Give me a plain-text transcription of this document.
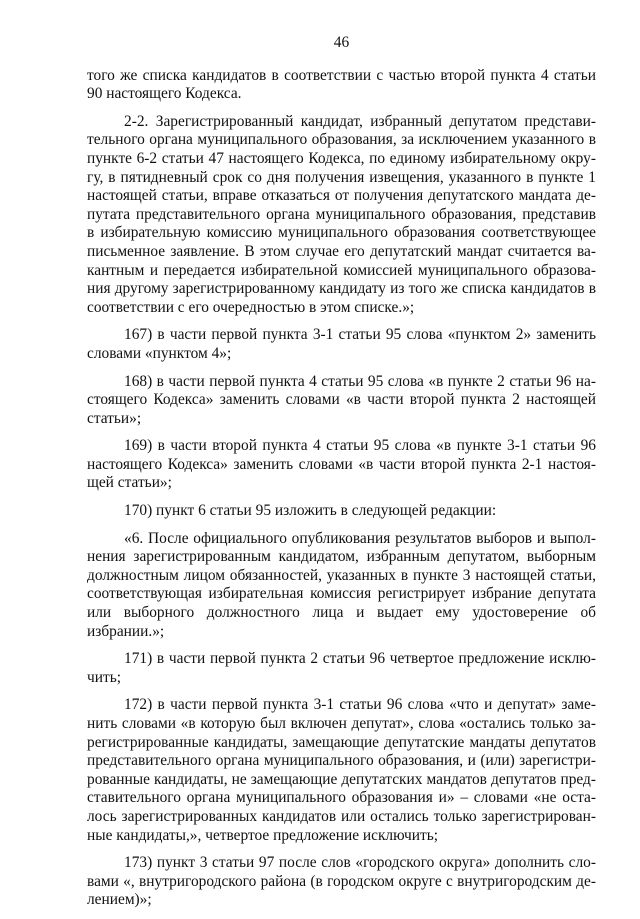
46

того же списка кандидатов в соответствии с частью второй пункта 4 статьи 90 настоящего Кодекса.

2-2. Зарегистрированный кандидат, избранный депутатом представительного органа муниципального образования, за исключением указанного в пункте 6-2 статьи 47 настоящего Кодекса, по единому избирательному округу, в пятидневный срок со дня получения извещения, указанного в пункте 1 настоящей статьи, вправе отказаться от получения депутатского мандата депутата представительного органа муниципального образования, представив в избирательную комиссию муниципального образования соответствующее письменное заявление. В этом случае его депутатский мандат считается вакантным и передается избирательной комиссией муниципального образования другому зарегистрированному кандидату из того же списка кандидатов в соответствии с его очередностью в этом списке.»;

167) в части первой пункта 3-1 статьи 95 слова «пунктом 2» заменить словами «пунктом 4»;

168) в части первой пункта 4 статьи 95 слова «в пункте 2 статьи 96 настоящего Кодекса» заменить словами «в части второй пункта 2 настоящей статьи»;

169) в части второй пункта 4 статьи 95 слова «в пункте 3-1 статьи 96 настоящего Кодекса» заменить словами «в части второй пункта 2-1 настоящей статьи»;

170) пункт 6 статьи 95 изложить в следующей редакции:

«6. После официального опубликования результатов выборов и выполнения зарегистрированным кандидатом, избранным депутатом, выборным должностным лицом обязанностей, указанных в пункте 3 настоящей статьи, соответствующая избирательная комиссия регистрирует избрание депутата или выборного должностного лица и выдает ему удостоверение об избрании.»;

171) в части первой пункта 2 статьи 96 четвертое предложение исключить;

172) в части первой пункта 3-1 статьи 96 слова «что и депутат» заменить словами «в которую был включен депутат», слова «остались только зарегистрированные кандидаты, замещающие депутатские мандаты депутатов представительного органа муниципального образования, и (или) зарегистрированные кандидаты, не замещающие депутатских мандатов депутатов представительного органа муниципального образования и» – словами «не осталось зарегистрированных кандидатов или остались только зарегистрированные кандидаты,», четвертое предложение исключить;

173) пункт 3 статьи 97 после слов «городского округа» дополнить словами «, внутригородского района (в городском округе с внутригородским делением)»;
